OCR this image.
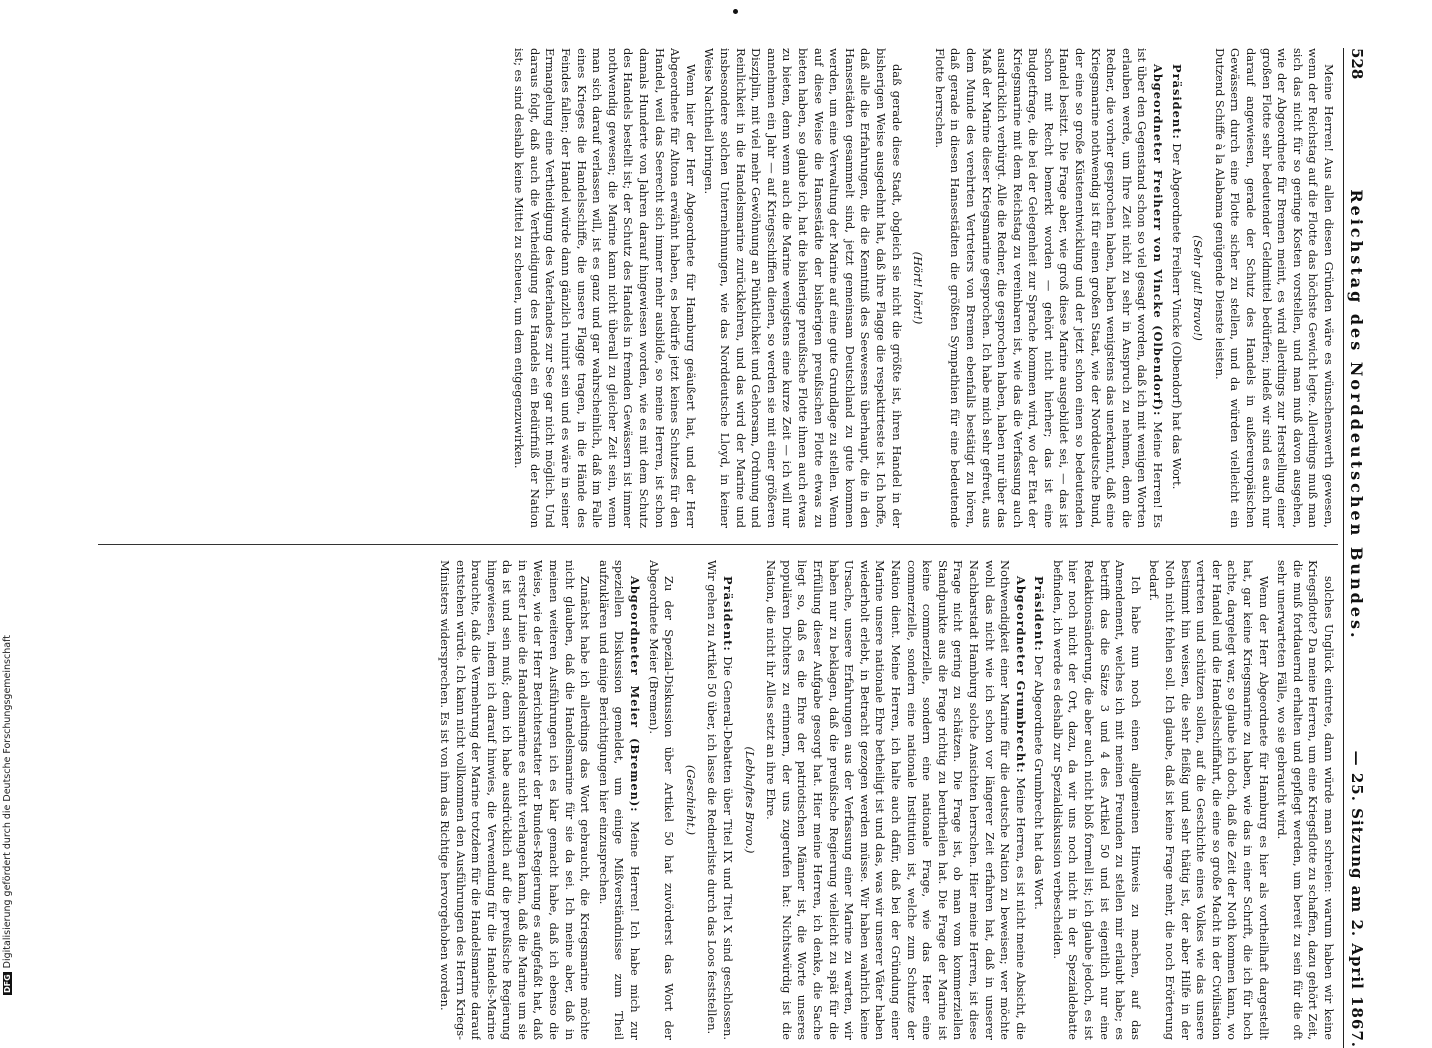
DFGDigitalisierung gefördert durch die Deutsche Forschungsgemeinschaft
528
Reichstag des Norddeutschen Bundes.
— 25. Sitzung am 2. April 1867.

Meine Herren! Aus allen diesen Gründen wäre es wünschenswerth gewesen, wenn der Reichstag auf die Flotte das höchste Gewicht legte. Allerdings muß man sich das nicht für so geringe Kosten vorstellen, und man muß davon ausgehen, wie der Abgeordnete für Bremen meint, es wird allerdings zur Herstellung einer großen Flotte sehr bedeutender Geldmittel bedürfen; indeß wir sind es auch nur darauf angewiesen, gerade der Schutz des Handels in außereuropäischen Gewässern durch eine Flotte sicher zu stellen, und da würden vielleicht ein Dutzend Schiffe à la Alabama genügende Dienste leisten.

(Sehr gut! Bravo!)

Präsident: Der Abgeordnete Freiherr Vincke (Olbendorf) hat das Wort.

Abgeordneter Freiherr von Vincke (Olbendorf): Meine Herren! Es ist über den Gegenstand schon so viel gesagt worden, daß ich mit wenigen Worten erlauben werde, um Ihre Zeit nicht zu sehr in Anspruch zu nehmen, denn die Redner, die vorher gesprochen haben, haben wenigstens das unerkannt, daß eine Kriegsmarine nothwendig ist für einen großen Staat, wie der Norddeutsche Bund, der eine so große Küstenentwicklung und der jetzt schon einen so bedeutenden Handel besitzt. Die Frage aber, wie groß diese Marine ausgebildet sei, — das ist schon mit Recht bemerkt worden — gehört nicht hierher; das ist eine Budgetfrage, die bei der Gelegenheit zur Sprache kommen wird, wo der Etat der Kriegsmarine mit dem Reichstag zu vereinbaren ist, wie das die Verfassung auch ausdrücklich verbürgt. Alle die Redner, die gesprochen haben, haben nur über das Maß der Marine dieser Kriegsmarine gesprochen. Ich habe mich sehr gefreut, aus dem Munde des verehrten Vertreters von Bremen ebenfalls bestätigt zu hören, daß gerade in diesen Hansestädten die größten Sympathien für eine bedeutende Flotte herrschen.

(Hört! hört!)

daß gerade diese Stadt, obgleich sie nicht die größte ist, ihren Handel in der bisherigen Weise ausgedehnt hat, daß ihre Flagge die respektirteste ist. Ich hoffe, daß alle die Erfahrungen, die die Kenntniß des Seewesens überhaupt, die in den Hansestädten gesammelt sind, jetzt gemeinsam Deutschland zu gute kommen werden, um eine Verwaltung der Marine auf eine gute Grundlage zu stellen. Wenn auf diese Weise die Hansestädte der bisherigen preußischen Flotte etwas zu bieten haben, so glaube ich, hat die bisherige preußische Flotte ihnen auch etwas zu bieten, denn wenn auch die Marine wenigstens eine kurze Zeit — ich will nur annehmen ein Jahr — auf Kriegsschiffen dienen, so werden sie mit einer größeren Disziplin, mit viel mehr Gewöhnung an Pünktlichkeit und Gehorsam, Ordnung und Reinlichkeit in die Handelsmarine zurückkehren, und das wird der Marine und insbesondere solchen Unternehmungen, wie das Norddeutsche Lloyd, in keiner Weise Nachtheil bringen.

Wenn hier der Herr Abgeordnete für Hamburg geäußert hat, und der Herr Abgeordnete für Altona erwähnt haben, es bedürfe jetzt keines Schutzes für den Handel, weil das Seerecht sich immer mehr ausbilde, so meine Herren, ist schon damals Hunderte von Jahren darauf hingewiesen worden, wie es mit dem Schutz des Handels bestellt ist; der Schutz des Handels in fremden Gewässern ist immer nothwendig gewesen; die Marine kann nicht überall zu gleicher Zeit sein, wenn man sich darauf verlassen will, ist es ganz und gar wahrscheinlich, daß im Falle eines Krieges die Handelsschiffe, die unsere Flagge tragen, in die Hände des Feindes fallen; der Handel würde dann gänzlich ruinirt sein und es wäre in seiner Ermangelung eine Vertheidigung des Vaterlandes zur See gar nicht möglich. Und daraus folgt, daß auch die Vertheidigung des Handels ein Bedürfniß der Nation ist; es sind deshalb keine Mittel zu scheuen, um dem entgegenzuwirken.

solches Unglück eintrete, dann würde man schreien: warum haben wir keine Kriegsflotte? Da meine Herren, um eine Kriegsflotte zu schaffen, dazu gehört Zeit, die muß fortdauernd erhalten und gepflegt werden, um bereit zu sein für die oft sehr unerwarteten Fälle, wo sie gebraucht wird.

Wenn der Herr Abgeordnete für Hamburg es hier als vortheilhaft dargestellt hat, gar keine Kriegsmarine zu haben, wie das in einer Schrift, die ich für hoch achte, dargelegt war, so glaube ich doch, daß die Zeit der Noth kommen kann, wo der Handel und die Handelsschiffahrt, die eine so große Macht in der Civilisation vertreten und schützen sollen, auf die Geschichte eines Volkes wie das unsere bestimmt hin weisen, die sehr fleißig und sehr thätig ist, der aber Hilfe in der Noth nicht fehlen soll. Ich glaube, daß ist keine Frage mehr, die noch Erörterung bedarf.

Ich habe nun noch einen allgemeinen Hinweis zu machen, auf das Amendement, welches ich mit meinen Freunden zu stellen mir erlaubt habe; es betrifft das die Sätze 3 und 4 des Artikel 50 und ist eigentlich nur eine Redaktionsänderung, die aber auch nicht bloß formell ist; ich glaube jedoch, es ist hier noch nicht der Ort, dazu, da wir uns noch nicht in der Spezialdebatte befinden, ich werde es deshalb zur Spezialdiskussion verbescheiden.

Präsident: Der Abgeordnete Grumbrecht hat das Wort.

Abgeordneter Grumbrecht: Meine Herren, es ist nicht meine Absicht, die Nothwendigkeit einer Marine für die deutsche Nation zu beweisen; wer möchte wohl das nicht wie ich schon vor längerer Zeit erfahren hat, daß in unserer Nachbarstadt Hamburg solche Ansichten herrschen. Hier meine Herren, ist diese Frage nicht gering zu schätzen. Die Frage ist, ob man vom kommerziellen Standpunkte aus die Frage richtig zu beurtheilen hat. Die Frage der Marine ist keine commerzielle, sondern eine nationale Frage, wie das Heer eine commerzielle, sondern eine nationale Institution ist, welche zum Schutze der Nation dient. Meine Herren, ich halte auch dafür, daß bei der Gründung einer Marine unsere nationale Ehre betheiligt ist und das, was wir unserer Väter haben wiederholt erlebt, in Betracht gezogen werden müsse. Wir haben wahrlich keine Ursache, unsere Erfahrungen aus der Verfassung einer Marine zu warten, wir haben nur zu beklagen, daß die preußische Regierung vielleicht zu spät für die Erfüllung dieser Aufgabe gesorgt hat. Hier meine Herren, ich denke, die Sache liegt so, daß es die Ehre der patriotischen Männer ist, die Worte unseres populären Dichters zu erinnern, der uns zugerufen hat: Nichtswürdig ist die Nation, die nicht ihr Alles setzt an ihre Ehre.

(Lebhaftes Bravo.)

Präsident: Die General-Debatten über Titel IX und Titel X sind geschlossen. Wir gehen zu Artikel 50 über, ich lasse die Rednerliste durch das Loos feststellen.

(Geschieht.)

Zu der Spezial-Diskussion über Artikel 50 hat zuvörderst das Wort der Abgeordnete Meier (Bremen).

Abgeordneter Meier (Bremen): Meine Herren! Ich habe mich zur speziellen Diskussion gemeldet, um einige Mißverständnisse zum Theil aufzuklären und einige Berichtigungen hier einzusprechen.

Zunächst habe ich allerdings das Wort gebraucht, die Kriegsmarine möchte nicht glauben, daß die Handelsmarine für sie da sei. Ich meine aber, daß in meinen weiteren Ausführungen ich es klar gemacht habe, daß ich ebenso die Weise, wie der Herr Berichterstatter der Bundes-Regierung es aufgefaßt hat, daß in erster Linie die Handelsmarine es nicht verlangen kann, daß die Marine um sie da ist und sein muß; denn ich habe ausdrücklich auf die preußische Regierung hingewiesen, indem ich darauf hinwies, die Verwendung für die Handels-Marine brauchte, daß die Vermehrung der Marine trotzdem für die Handelsmarine darauf entstehen würde. Ich kann nicht vollkommen den Ausführungen des Herrn Kriegs-Ministers widersprechen. Es ist von ihm das Richtige hervorgehoben worden.
